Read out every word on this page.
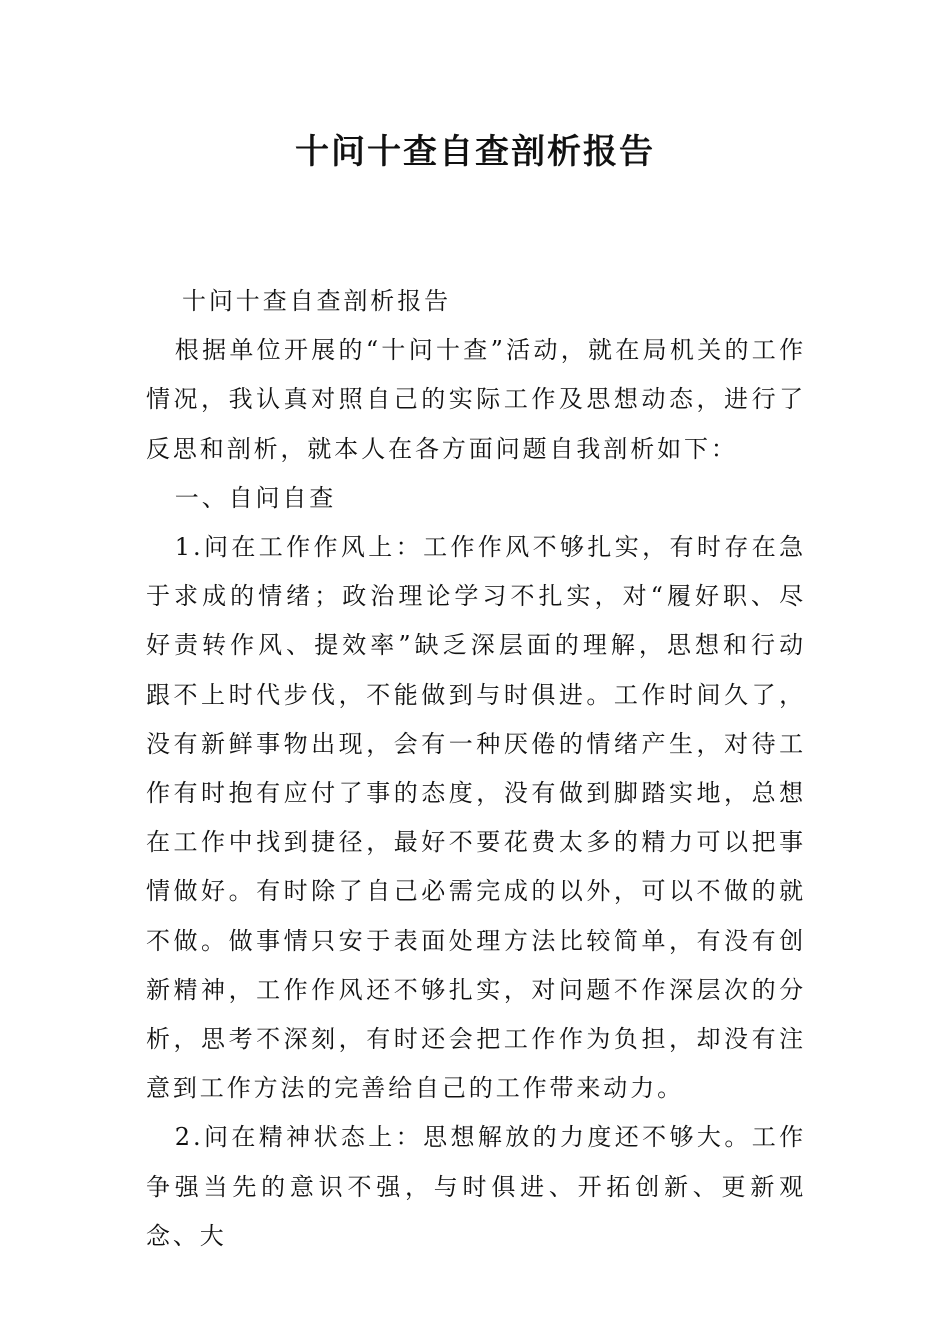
十问十查自查剖析报告

十问十查自查剖析报告

根据单位开展的“十问十查”活动，就在局机关的工作情况，我认真对照自己的实际工作及思想动态，进行了反思和剖析，就本人在各方面问题自我剖析如下：

一、自问自查

1.问在工作作风上：工作作风不够扎实，有时存在急于求成的情绪；政治理论学习不扎实，对“履好职、尽好责转作风、提效率”缺乏深层面的理解，思想和行动跟不上时代步伐，不能做到与时俱进。工作时间久了，没有新鲜事物出现，会有一种厌倦的情绪产生，对待工作有时抱有应付了事的态度，没有做到脚踏实地，总想在工作中找到捷径，最好不要花费太多的精力可以把事情做好。有时除了自己必需完成的以外，可以不做的就不做。做事情只安于表面处理方法比较简单，有没有创新精神，工作作风还不够扎实，对问题不作深层次的分析，思考不深刻，有时还会把工作作为负担，却没有注意到工作方法的完善给自己的工作带来动力。

2.问在精神状态上：思想解放的力度还不够大。工作争强当先的意识不强，与时俱进、开拓创新、更新观念、大
